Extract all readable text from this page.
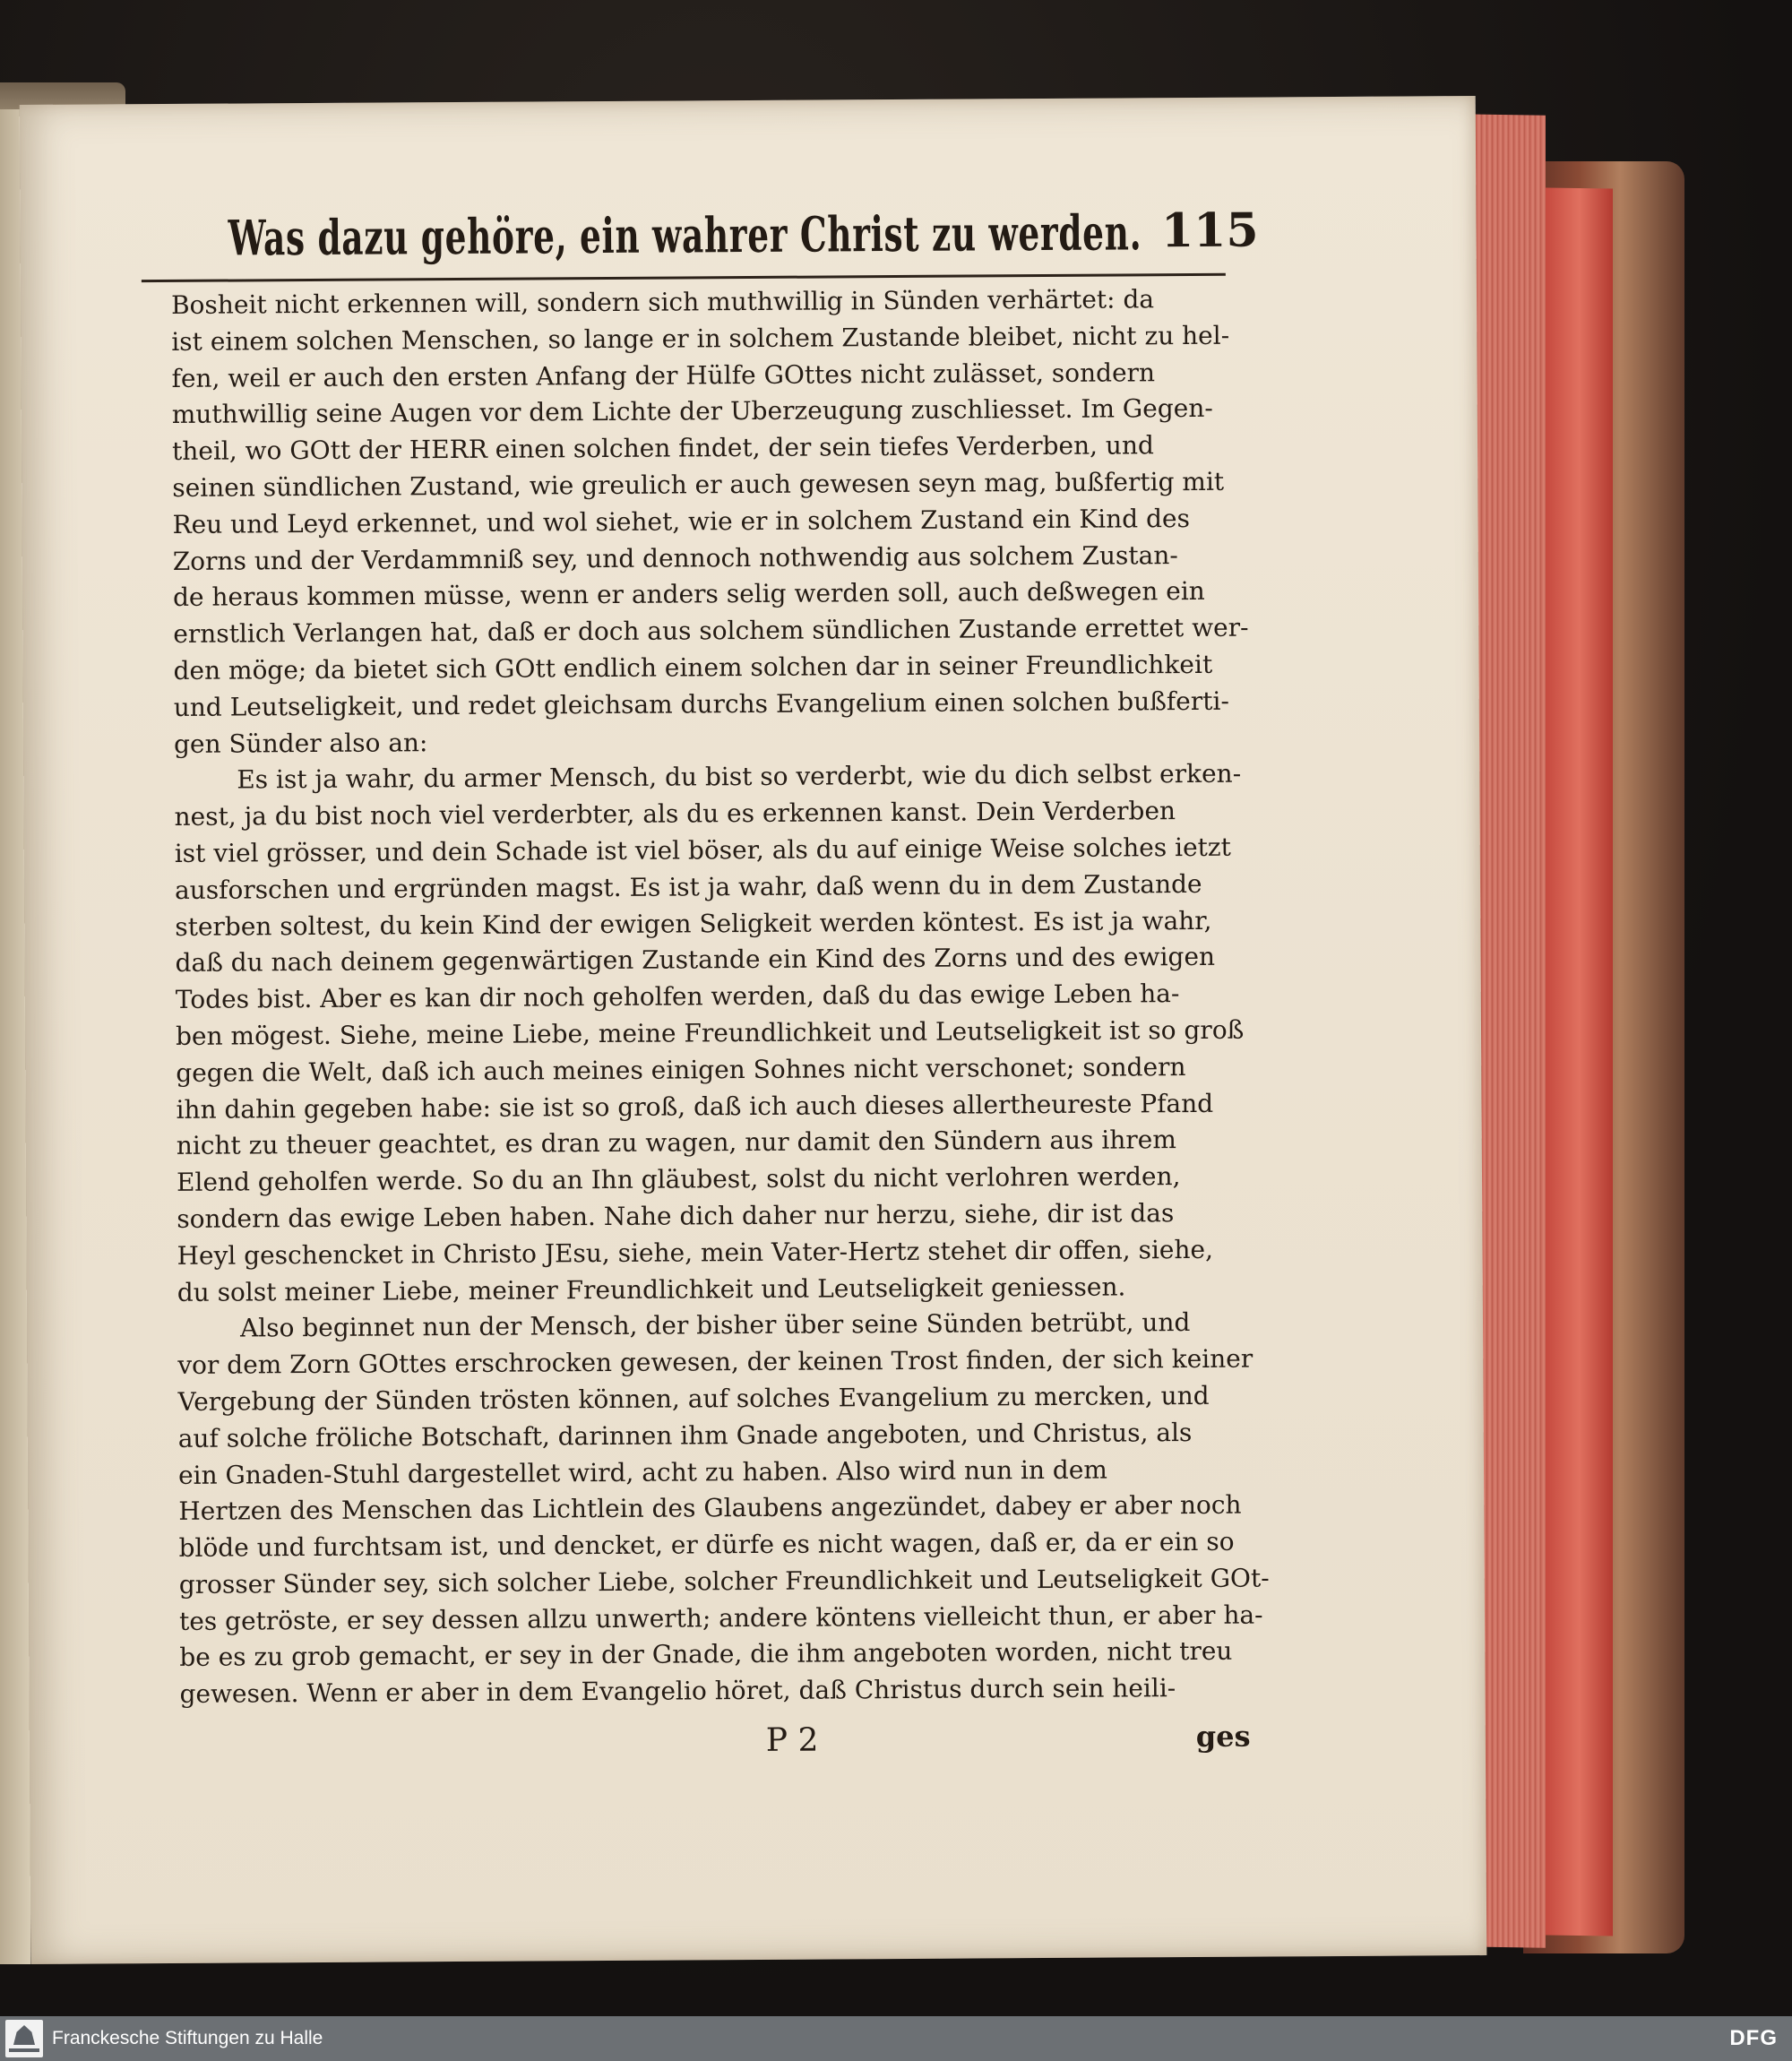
Was dazu gehöre, ein wahrer Christ zu werden. 115
Bosheit nicht erkennen will, sondern sich muthwillig in Sünden verhärtet: da
ist einem solchen Menschen, so lange er in solchem Zustande bleibet, nicht zu hel-
fen, weil er auch den ersten Anfang der Hülfe GOttes nicht zulässet, sondern
muthwillig seine Augen vor dem Lichte der Uberzeugung zuschliesset. Im Gegen-
theil, wo GOtt der HERR einen solchen findet, der sein tiefes Verderben, und
seinen sündlichen Zustand, wie greulich er auch gewesen seyn mag, bußfertig mit
Reu und Leyd erkennet, und wol siehet, wie er in solchem Zustand ein Kind des
Zorns und der Verdammniß sey, und dennoch nothwendig aus solchem Zustan-
de heraus kommen müsse, wenn er anders selig werden soll, auch deßwegen ein
ernstlich Verlangen hat, daß er doch aus solchem sündlichen Zustande errettet wer-
den möge; da bietet sich GOtt endlich einem solchen dar in seiner Freundlichkeit
und Leutseligkeit, und redet gleichsam durchs Evangelium einen solchen bußferti-
gen Sünder also an:
Es ist ja wahr, du armer Mensch, du bist so verderbt, wie du dich selbst erken-
nest, ja du bist noch viel verderbter, als du es erkennen kanst. Dein Verderben
ist viel grösser, und dein Schade ist viel böser, als du auf einige Weise solches ietzt
ausforschen und ergründen magst. Es ist ja wahr, daß wenn du in dem Zustande
sterben soltest, du kein Kind der ewigen Seligkeit werden köntest. Es ist ja wahr,
daß du nach deinem gegenwärtigen Zustande ein Kind des Zorns und des ewigen
Todes bist. Aber es kan dir noch geholfen werden, daß du das ewige Leben ha-
ben mögest. Siehe, meine Liebe, meine Freundlichkeit und Leutseligkeit ist so groß
gegen die Welt, daß ich auch meines einigen Sohnes nicht verschonet; sondern
ihn dahin gegeben habe: sie ist so groß, daß ich auch dieses allertheureste Pfand
nicht zu theuer geachtet, es dran zu wagen, nur damit den Sündern aus ihrem
Elend geholfen werde. So du an Ihn gläubest, solst du nicht verlohren werden,
sondern das ewige Leben haben. Nahe dich daher nur herzu, siehe, dir ist das
Heyl geschencket in Christo JEsu, siehe, mein Vater-Hertz stehet dir offen, siehe,
du solst meiner Liebe, meiner Freundlichkeit und Leutseligkeit geniessen.
Also beginnet nun der Mensch, der bisher über seine Sünden betrübt, und
vor dem Zorn GOttes erschrocken gewesen, der keinen Trost finden, der sich keiner
Vergebung der Sünden trösten können, auf solches Evangelium zu mercken, und
auf solche fröliche Botschaft, darinnen ihm Gnade angeboten, und Christus, als
ein Gnaden-Stuhl dargestellet wird, acht zu haben. Also wird nun in dem
Hertzen des Menschen das Lichtlein des Glaubens angezündet, dabey er aber noch
blöde und furchtsam ist, und dencket, er dürfe es nicht wagen, daß er, da er ein so
grosser Sünder sey, sich solcher Liebe, solcher Freundlichkeit und Leutseligkeit GOt-
tes getröste, er sey dessen allzu unwerth; andere köntens vielleicht thun, er aber ha-
be es zu grob gemacht, er sey in der Gnade, die ihm angeboten worden, nicht treu
gewesen. Wenn er aber in dem Evangelio höret, daß Christus durch sein heili-
P 2	ges
Franckesche Stiftungen zu Halle	DFG
